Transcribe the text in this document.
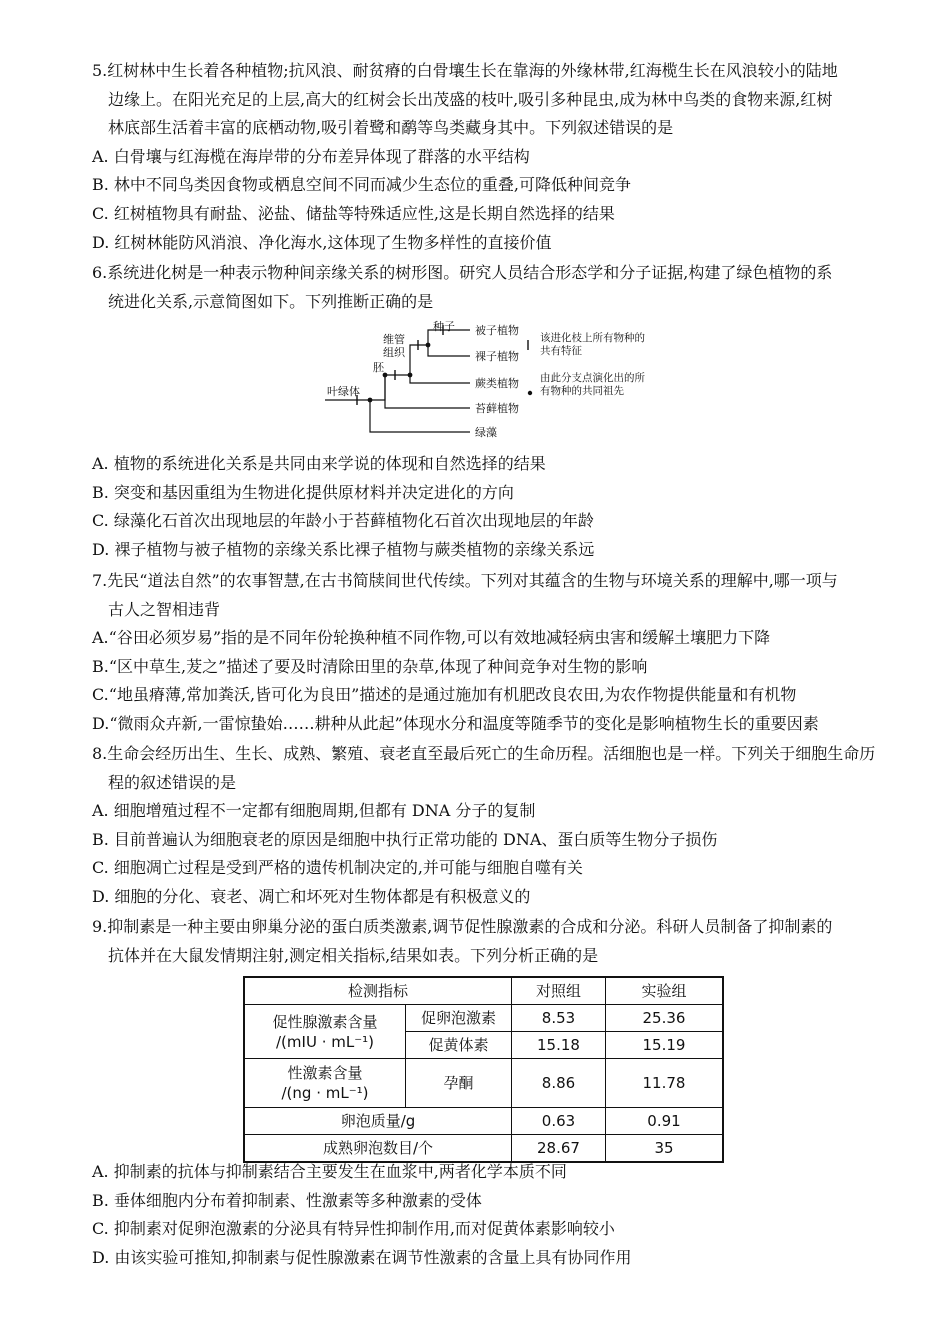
5.红树林中生长着各种植物;抗风浪、耐贫瘠的白骨壤生长在靠海的外缘林带,红海榄生长在风浪较小的陆地

边缘上。在阳光充足的上层,高大的红树会长出茂盛的枝叶,吸引多种昆虫,成为林中鸟类的食物来源,红树

林底部生活着丰富的底栖动物,吸引着鹭和鹬等鸟类藏身其中。下列叙述错误的是

A. 白骨壤与红海榄在海岸带的分布差异体现了群落的水平结构

B. 林中不同鸟类因食物或栖息空间不同而减少生态位的重叠,可降低种间竞争

C. 红树植物具有耐盐、泌盐、储盐等特殊适应性,这是长期自然选择的结果

D. 红树林能防风消浪、净化海水,这体现了生物多样性的直接价值

6.系统进化树是一种表示物种间亲缘关系的树形图。研究人员结合形态学和分子证据,构建了绿色植物的系

统进化关系,示意简图如下。下列推断正确的是

种子
维管组织
胚
叶绿体
被子植物
裸子植物
蕨类植物
苔藓植物
绿藻
该进化枝上所有物种的共有特征
由此分支点演化出的所有物种的共同祖先

A. 植物的系统进化关系是共同由来学说的体现和自然选择的结果

B. 突变和基因重组为生物进化提供原材料并决定进化的方向

C. 绿藻化石首次出现地层的年龄小于苔藓植物化石首次出现地层的年龄

D. 裸子植物与被子植物的亲缘关系比裸子植物与蕨类植物的亲缘关系远

7.先民“道法自然”的农事智慧,在古书简牍间世代传续。下列对其蕴含的生物与环境关系的理解中,哪一项与

古人之智相违背

A.“谷田必须岁易”指的是不同年份轮换种植不同作物,可以有效地减轻病虫害和缓解土壤肥力下降

B.“区中草生,茇之”描述了要及时清除田里的杂草,体现了种间竞争对生物的影响

C.“地虽瘠薄,常加粪沃,皆可化为良田”描述的是通过施加有机肥改良农田,为农作物提供能量和有机物

D.“微雨众卉新,一雷惊蛰始……耕种从此起”体现水分和温度等随季节的变化是影响植物生长的重要因素

8.生命会经历出生、生长、成熟、繁殖、衰老直至最后死亡的生命历程。活细胞也是一样。下列关于细胞生命历

程的叙述错误的是

A. 细胞增殖过程不一定都有细胞周期,但都有 DNA 分子的复制

B. 目前普遍认为细胞衰老的原因是细胞中执行正常功能的 DNA、蛋白质等生物分子损伤

C. 细胞凋亡过程是受到严格的遗传机制决定的,并可能与细胞自噬有关

D. 细胞的分化、衰老、凋亡和坏死对生物体都是有积极意义的

9.抑制素是一种主要由卵巢分泌的蛋白质类激素,调节促性腺激素的合成和分泌。科研人员制备了抑制素的

抗体并在大鼠发情期注射,测定相关指标,结果如表。下列分析正确的是

检测指标		对照组	实验组

促性腺激素含量
/(mIU · mL⁻¹)	促卵泡激素	8.53	25.36
	促黄体素	15.18	15.19

性激素含量
/(ng · mL⁻¹)	孕酮	8.86	11.78
卵泡质量/g		0.63	0.91
成熟卵泡数目/个		28.67	35

A. 抑制素的抗体与抑制素结合主要发生在血浆中,两者化学本质不同

B. 垂体细胞内分布着抑制素、性激素等多种激素的受体

C. 抑制素对促卵泡激素的分泌具有特异性抑制作用,而对促黄体素影响较小

D. 由该实验可推知,抑制素与促性腺激素在调节性激素的含量上具有协同作用
